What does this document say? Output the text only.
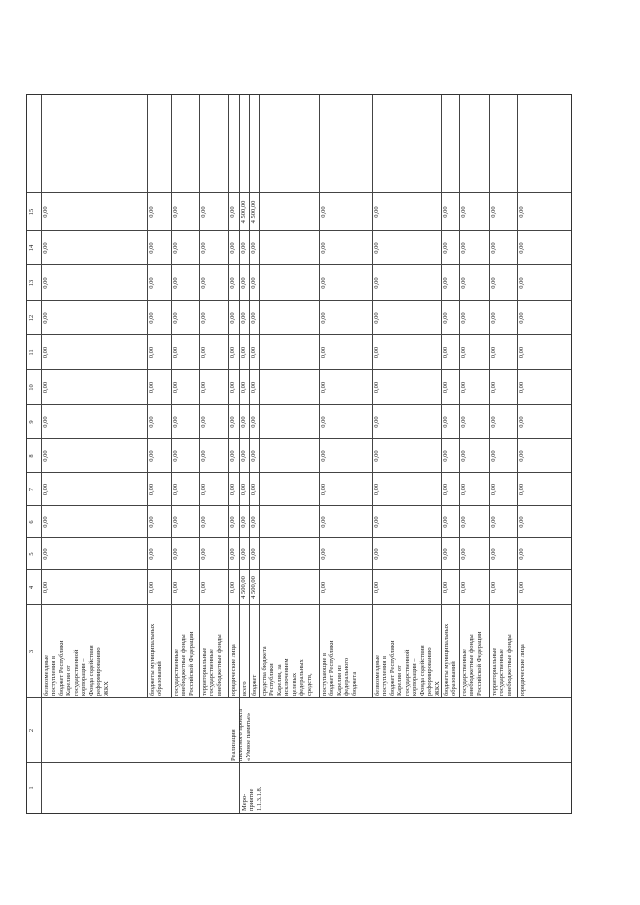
1
2
3
4
5
6
7
8
9
10
11
12
13
14
15
Меро-
приятие
1.1.3.1.8.
Реализация
пилотного проекта
«Умное памятье»
безвозмездные
поступления в
бюджет Республики
Карелия от
государственной
корпорации –
Фонда содействия
реформированию
ЖКХ
0,00
0,00
0,00
0,00
0,00
0,00
0,00
0,00
0,00
0,00
0,00
0,00
бюджеты муниципальных
образований
0,00
0,00
0,00
0,00
0,00
0,00
0,00
0,00
0,00
0,00
0,00
0,00
государственные
внебюджетные фонды
Российской Федерации
0,00
0,00
0,00
0,00
0,00
0,00
0,00
0,00
0,00
0,00
0,00
0,00
территориальные
государственные
внебюджетные фонды
0,00
0,00
0,00
0,00
0,00
0,00
0,00
0,00
0,00
0,00
0,00
0,00
юридические лица
0,00
0,00
0,00
0,00
0,00
0,00
0,00
0,00
0,00
0,00
0,00
0,00
всего
4 500,00
0,00
0,00
0,00
0,00
0,00
0,00
0,00
0,00
0,00
0,00
4 500,00
бюджет
4 500,00
0,00
0,00
0,00
0,00
0,00
0,00
0,00
0,00
0,00
0,00
4 500,00
средства бюджета
Республики
Карелия, за
исключением
целевых
федеральных
средств, поступающие в
бюджет Республики
Карелия из
федерального
бюджета
0,00
0,00
0,00
0,00
0,00
0,00
0,00
0,00
0,00
0,00
0,00
0,00
безвозмездные
поступления в
бюджет Республики
Карелия от
государственной
корпорации –
Фонда содействия
реформированию
ЖКХ
0,00
0,00
0,00
0,00
0,00
0,00
0,00
0,00
0,00
0,00
0,00
0,00
бюджеты муниципальных
образований
0,00
0,00
0,00
0,00
0,00
0,00
0,00
0,00
0,00
0,00
0,00
0,00
государственные
внебюджетные фонды
Российской Федерации
0,00
0,00
0,00
0,00
0,00
0,00
0,00
0,00
0,00
0,00
0,00
0,00
территориальные
государственные
внебюджетные фонды
0,00
0,00
0,00
0,00
0,00
0,00
0,00
0,00
0,00
0,00
0,00
0,00
юридические лица
0,00
0,00
0,00
0,00
0,00
0,00
0,00
0,00
0,00
0,00
0,00
0,00
